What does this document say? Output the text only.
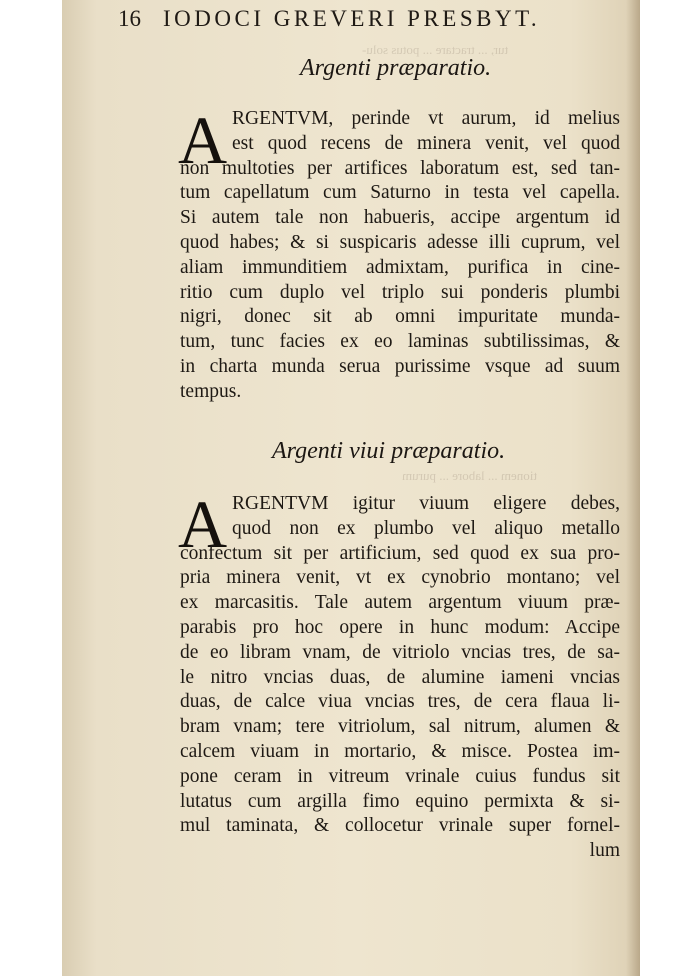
tur, ... tractare ... potus solu-
tionem ... labore ... purum
16 IODOCI GREVERI PRESBYT.
Argenti præparatio.
A RGENTVM, perinde vt aurum, id melius
est quod recens de minera venit, vel quod
non multoties per artifices laboratum est, sed tan-
tum capellatum cum Saturno in testa vel capella.
Si autem tale non habueris, accipe argentum id
quod habes; & si suspicaris adesse illi cuprum, vel
aliam immunditiem admixtam, purifica in cine-
ritio cum duplo vel triplo sui ponderis plumbi
nigri, donec sit ab omni impuritate munda-
tum, tunc facies ex eo laminas subtilissimas, &
in charta munda serua purissime vsque ad suum
tempus.
Argenti viui præparatio.
A RGENTVM igitur viuum eligere debes,
quod non ex plumbo vel aliquo metallo
confectum sit per artificium, sed quod ex sua pro-
pria minera venit, vt ex cynobrio montano; vel
ex marcasitis. Tale autem argentum viuum præ-
parabis pro hoc opere in hunc modum: Accipe
de eo libram vnam, de vitriolo vncias tres, de sa-
le nitro vncias duas, de alumine iameni vncias
duas, de calce viua vncias tres, de cera flaua li-
bram vnam; tere vitriolum, sal nitrum, alumen &
calcem viuam in mortario, & misce. Postea im-
pone ceram in vitreum vrinale cuius fundus sit
lutatus cum argilla fimo equino permixta & si-
mul taminata, & collocetur vrinale super fornel-
lum
